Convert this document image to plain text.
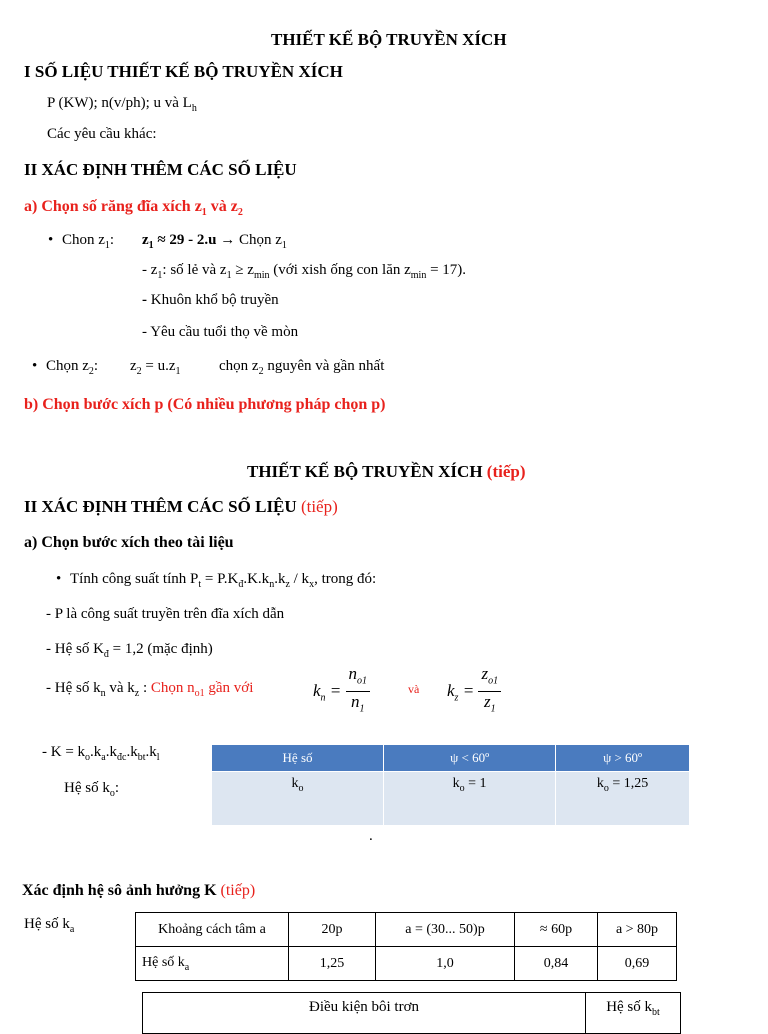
THIẾT KẾ BỘ TRUYỀN XÍCH
I SỐ LIỆU THIẾT KẾ BỘ TRUYỀN XÍCH
P (KW); n(v/ph); u và $L_h$
Các yêu cầu khác:
II XÁC ĐỊNH THÊM CÁC SỐ LIỆU
a) Chọn số răng đĩa xích $z_1$ và $z_2$
• Chon $z_1$: $z_1 \approx 29 - 2.u$ → Chọn $z_1$
- $z_1$: số lẻ và $z_1 \ge z_{min}$ (với xish ống con lăn $z_{min} = 17$).
- Khuôn khổ bộ truyền
- Yêu cầu tuổi thọ về mòn
• Chọn $z_2$: $z_2 = u.z_1$	chọn $z_2$ nguyên và gần nhất
b) Chọn bước xích p (Có nhiều phương pháp chọn p)
THIẾT KẾ BỘ TRUYỀN XÍCH (tiếp)
II XÁC ĐỊNH THÊM CÁC SỐ LIỆU (tiếp)
a) Chọn bước xích theo tài liệu
• Tính công suất tính $P_t = P.K_đ.K.k_n.k_z / k_x$, trong đó:
- P là công suất truyền trên đĩa xích dẫn
- Hệ số $K_đ = 1,2$ (mặc định)
- Hệ số $k_n$ và $k_z$ : Chọn $n_{o1}$ gần với	$k_n = \frac{n_{o1}}{n_1}$	và $k_z = \frac{z_{o1}}{z_1}$
- $K = k_o.k_a.k_{đc}.k_{bt}.k_l$
Hệ số $k_o$:
Hệ số	ψ < 60º	ψ > 60º
$k_o$	$k_o = 1$	$k_o = 1,25$
.
Xác định hệ sô ảnh hưởng K (tiếp)
Hệ số $k_a$	Khoảng cách tâm a	20p	a = (30... 50)p	≈ 60p	a > 80p
Hệ số $k_a$	1,25	1,0	0,84	0,69
Điều kiện bôi trơn	Hệ số $k_{bt}$
